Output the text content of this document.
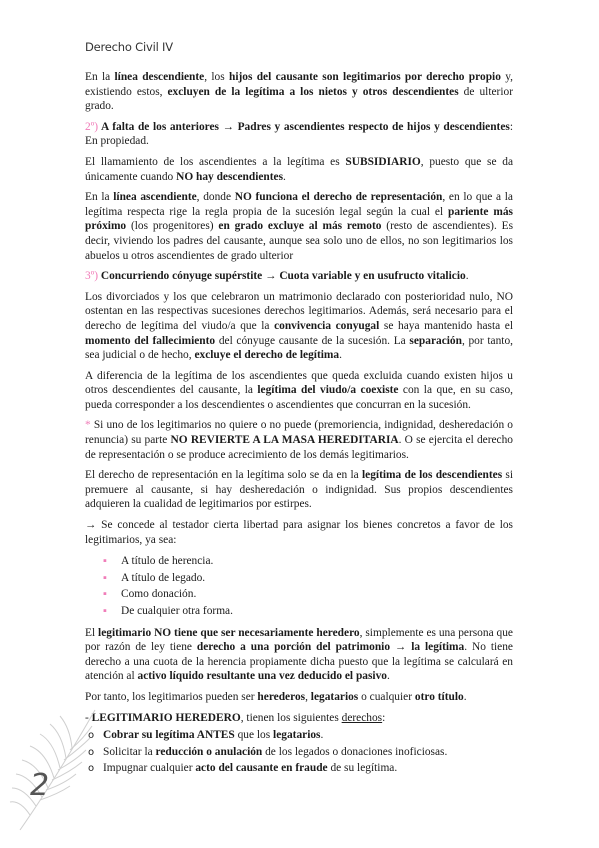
Derecho Civil IV

En la línea descendiente, los hijos del causante son legitimarios por derecho propio y, existiendo estos, excluyen de la legítima a los nietos y otros descendientes de ulterior grado.

2º) A falta de los anteriores → Padres y ascendientes respecto de hijos y descendientes: En propiedad.

El llamamiento de los ascendientes a la legítima es SUBSIDIARIO, puesto que se da únicamente cuando NO hay descendientes.

En la línea ascendiente, donde NO funciona el derecho de representación, en lo que a la legítima respecta rige la regla propia de la sucesión legal según la cual el pariente más próximo (los progenitores) en grado excluye al más remoto (resto de ascendientes). Es decir, viviendo los padres del causante, aunque sea solo uno de ellos, no son legitimarios los abuelos u otros ascendientes de grado ulterior

3º) Concurriendo cónyuge supérstite → Cuota variable y en usufructo vitalicio.

Los divorciados y los que celebraron un matrimonio declarado con posterioridad nulo, NO ostentan en las respectivas sucesiones derechos legitimarios. Además, será necesario para el derecho de legítima del viudo/a que la convivencia conyugal se haya mantenido hasta el momento del fallecimiento del cónyuge causante de la sucesión. La separación, por tanto, sea judicial o de hecho, excluye el derecho de legítima.

A diferencia de la legítima de los ascendientes que queda excluida cuando existen hijos u otros descendientes del causante, la legítima del viudo/a coexiste con la que, en su caso, pueda corresponder a los descendientes o ascendientes que concurran en la sucesión.

* Si uno de los legitimarios no quiere o no puede (premoriencia, indignidad, desheredación o renuncia) su parte NO REVIERTE A LA MASA HEREDITARIA. O se ejercita el derecho de representación o se produce acrecimiento de los demás legitimarios.

El derecho de representación en la legítima solo se da en la legítima de los descendientes si premuere al causante, si hay desheredación o indignidad. Sus propios descendientes adquieren la cualidad de legitimarios por estirpes.

→ Se concede al testador cierta libertad para asignar los bienes concretos a favor de los legitimarios, ya sea:

▪ A título de herencia.
▪ A título de legado.
▪ Como donación.
▪ De cualquier otra forma.

El legitimario NO tiene que ser necesariamente heredero, simplemente es una persona que por razón de ley tiene derecho a una porción del patrimonio → la legítima. No tiene derecho a una cuota de la herencia propiamente dicha puesto que la legítima se calculará en atención al activo líquido resultante una vez deducido el pasivo.

Por tanto, los legitimarios pueden ser herederos, legatarios o cualquier otro título.

- LEGITIMARIO HEREDERO, tienen los siguientes derechos:

o Cobrar su legítima ANTES que los legatarios.
o Solicitar la reducción o anulación de los legados o donaciones inoficiosas.
o Impugnar cualquier acto del causante en fraude de su legítima.
2
